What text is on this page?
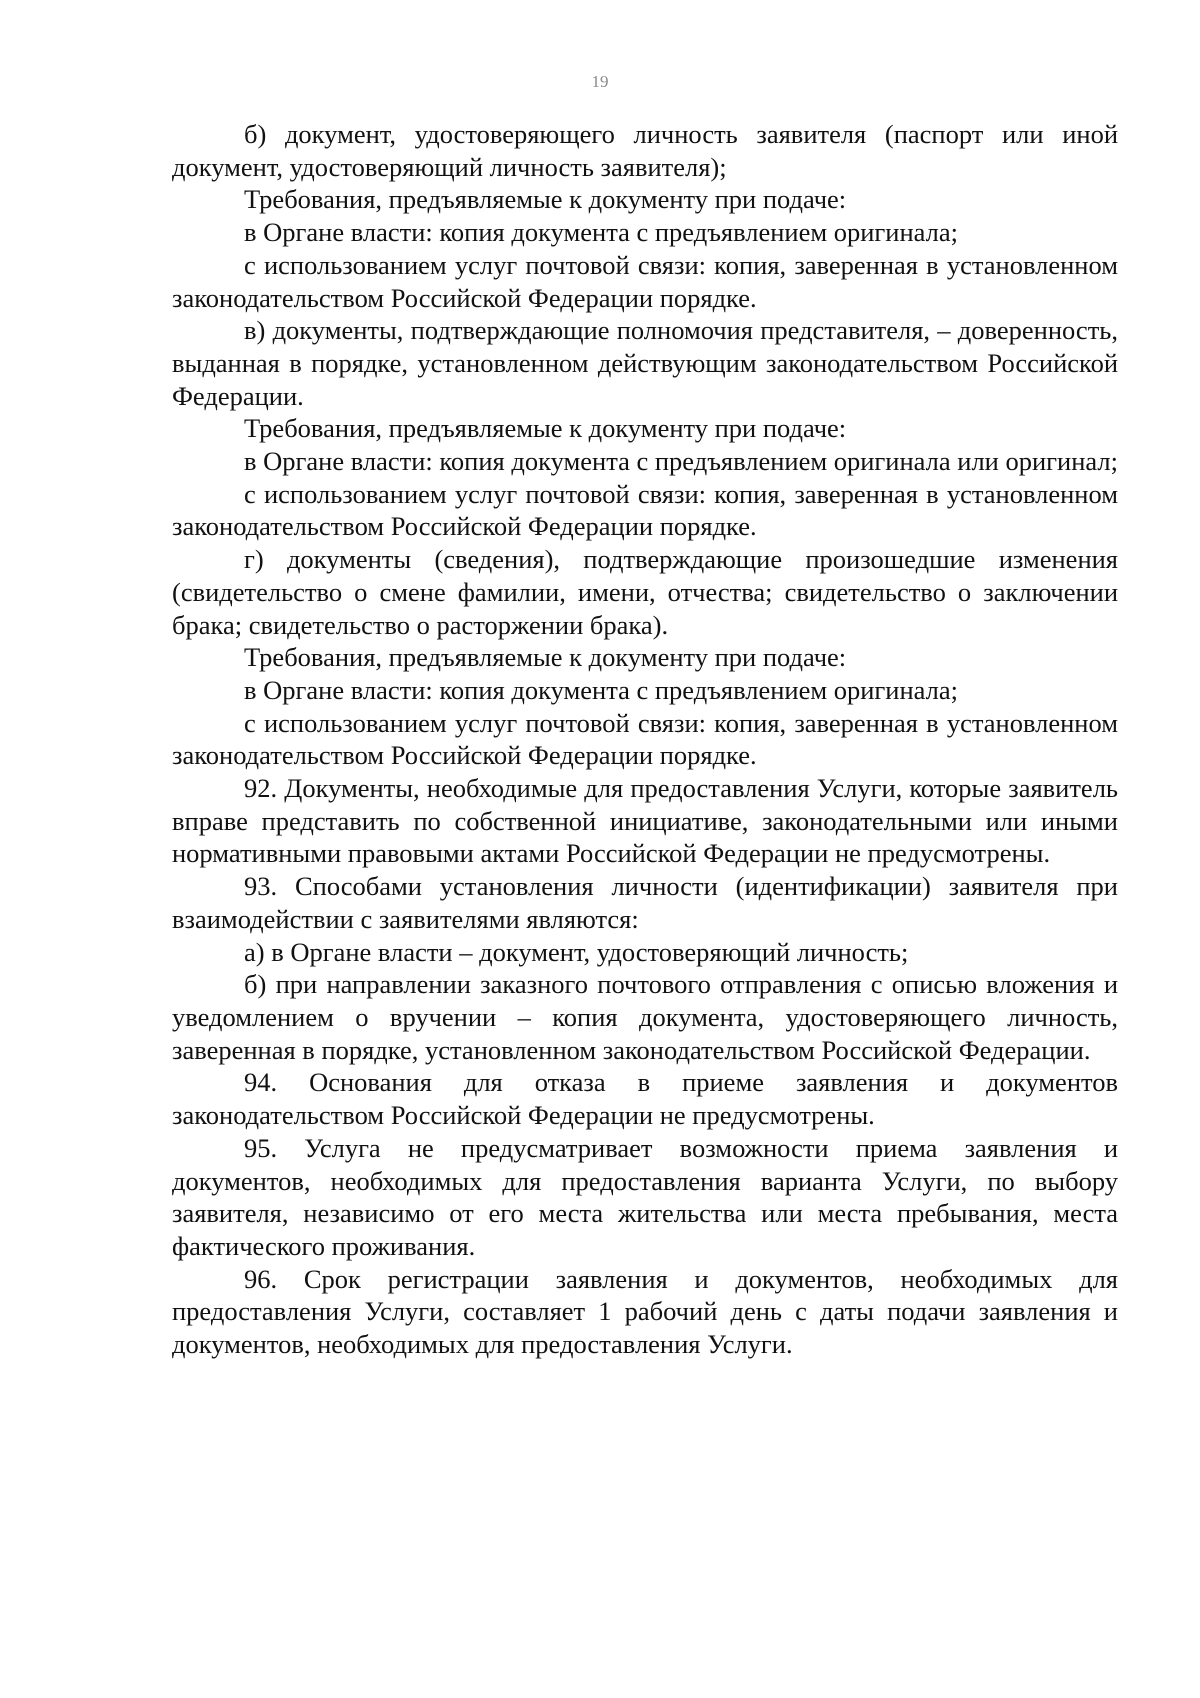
19

б) документ, удостоверяющего личность заявителя (паспорт или иной документ, удостоверяющий личность заявителя);

Требования, предъявляемые к документу при подаче:

в Органе власти: копия документа с предъявлением оригинала;

с использованием услуг почтовой связи: копия, заверенная в установленном законодательством Российской Федерации порядке.

в) документы, подтверждающие полномочия представителя, – доверенность, выданная в порядке, установленном действующим законодательством Российской Федерации.

Требования, предъявляемые к документу при подаче:

в Органе власти: копия документа с предъявлением оригинала или оригинал;

с использованием услуг почтовой связи: копия, заверенная в установленном законодательством Российской Федерации порядке.

г) документы (сведения), подтверждающие произошедшие изменения (свидетельство о смене фамилии, имени, отчества; свидетельство о заключении брака; свидетельство о расторжении брака).

Требования, предъявляемые к документу при подаче:

в Органе власти: копия документа с предъявлением оригинала;

с использованием услуг почтовой связи: копия, заверенная в установленном законодательством Российской Федерации порядке.

92. Документы, необходимые для предоставления Услуги, которые заявитель вправе представить по собственной инициативе, законодательными или иными нормативными правовыми актами Российской Федерации не предусмотрены.

93. Способами установления личности (идентификации) заявителя при взаимодействии с заявителями являются:

а) в Органе власти – документ, удостоверяющий личность;

б) при направлении заказного почтового отправления с описью вложения и уведомлением о вручении – копия документа, удостоверяющего личность, заверенная в порядке, установленном законодательством Российской Федерации.

94. Основания для отказа в приеме заявления и документов законодательством Российской Федерации не предусмотрены.

95. Услуга не предусматривает возможности приема заявления и документов, необходимых для предоставления варианта Услуги, по выбору заявителя, независимо от его места жительства или места пребывания, места фактического проживания.

96. Срок регистрации заявления и документов, необходимых для предоставления Услуги, составляет 1 рабочий день с даты подачи заявления и документов, необходимых для предоставления Услуги.
